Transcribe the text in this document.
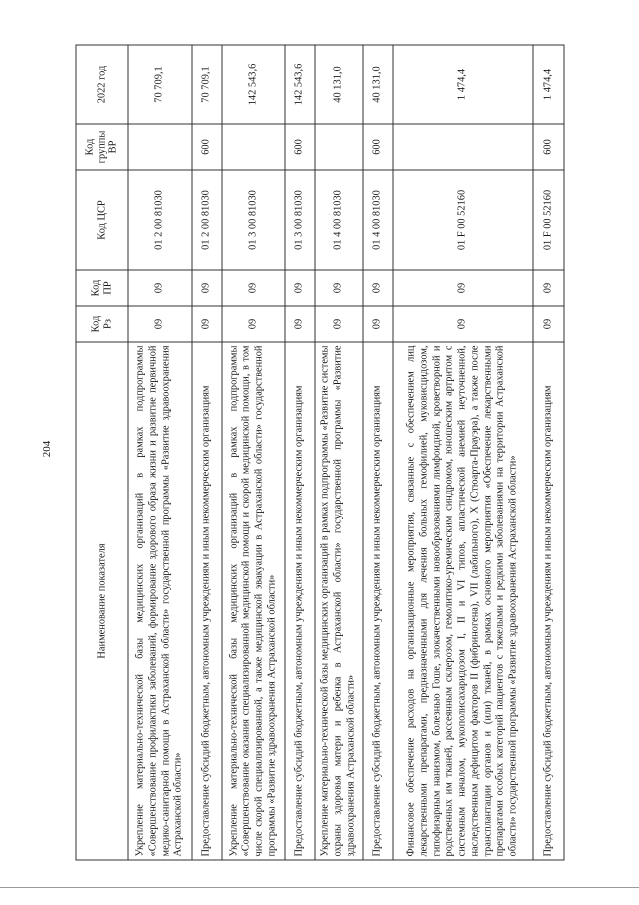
204
Наименование показателя	Код Рз	Код ПР	Код ЦСР	Код группы ВР	2022 год
Укрепление материально-технической базы медицинских организаций в рамках подпрограммы «Совершенствование профилактики заболеваний, формирование здорового образа жизни и развитие первичной медико-санитарной помощи в Астраханской области» государственной программы «Развитие здравоохранения Астраханской области»	09	09	01 2 00 81030		70 709,1
Предоставление субсидий бюджетным, автономным учреждениям и иным некоммерческим организациям	09	09	01 2 00 81030	600	70 709,1
Укрепление материально-технической базы медицинских организаций в рамках подпрограммы «Совершенствование оказания специализированной медицинской помощи и скорой медицинской помощи, в том числе скорой специализированной, а также медицинской эвакуации в Астраханской области» государственной программы «Развитие здравоохранения Астраханской области»	09	09	01 3 00 81030		142 543,6
Предоставление субсидий бюджетным, автономным учреждениям и иным некоммерческим организациям	09	09	01 3 00 81030	600	142 543,6
Укрепление материально-технической базы медицинских организаций в рамках подпрограммы «Развитие системы охраны здоровья матери и ребенка в Астраханской области» государственной программы «Развитие здравоохранения Астраханской области»	09	09	01 4 00 81030		40 131,0
Предоставление субсидий бюджетным, автономным учреждениям и иным некоммерческим организациям	09	09	01 4 00 81030	600	40 131,0
Финансовое обеспечение расходов на организационные мероприятия, связанные с обеспечением лиц лекарственными препаратами, предназначенными для лечения больных гемофилией, муковисцидозом, гипофизарным нанизмом, болезнью Гоше, злокачественными новообразованиями лимфоидной, кроветворной и родственных им тканей, рассеянным склерозом, гемолитико-уремическим синдромом, юношеским артритом с системным началом, мукополисахаридозом I, II и VI типов, апластической анемией неуточненной, наследственным дефицитом факторов II (фибриногена), VII (лабильного), X (Стюарта-Прауэра), а также после трансплантации органов и (или) тканей, в рамках основного мероприятия «Обеспечение лекарственными препаратами особых категорий пациентов с тяжелыми и редкими заболеваниями на территории Астраханской области» государственной программы «Развитие здравоохранения Астраханской области»	09	09	01 F 00 52160		1 474,4
Предоставление субсидий бюджетным, автономным учреждениям и иным некоммерческим организациям	09	09	01 F 00 52160	600	1 474,4
